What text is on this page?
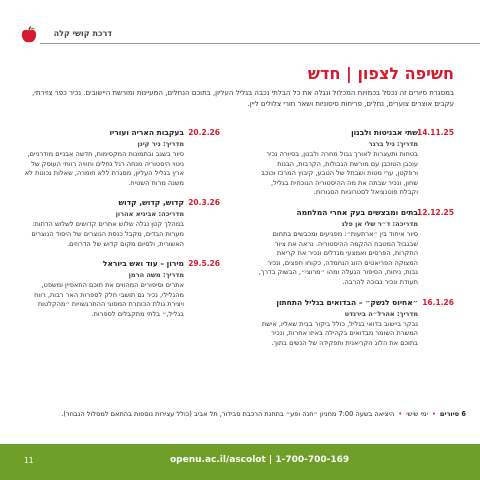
דרכת קושי קלה
חשיפה לצפון | חדש
במסגרת סיורים זה נכסל בכמויות המכלול ונגלה את כל הבלתי נכבה בגליל העליון, בתוכם הנחלים, המעיינות ומורשת היישובים. נכיר כפר צזירתי, עקבים אוצרים צוערים, נחלים, פריחות סיסוניות ושאר חורי צלולים ליין.
14.11.25
שתי אבניטות ולבנון
מדריך: גיל ברגר
בטחות ותעצרות לאורך גבול מחרה ולבנון, בסיורה נכיר עוכבן הטוכבן עם מורשת הגבולות, הקרבות, הבנות ורפקטן, ערי מטות ושבתל של הטבע, קיבוץ המרכז וכוכב שחון, ונכיר שבתה את מה ההיסטוריה הנוכחית בגליל, וקבלת פוטנציאל לסטרוגיות הסגורות.
12.12.25
בתים ומבצשים בעק אחרי המלחמה
מדריכה: ד״ר שלי אן פלג
סיור איחוד בין ״ארתעות״: מפגיעים ומכבשים בתחום שבגבול המטבח ההקמה ההיסטוריה. נראה את ציור התקרות, הפרסים ואמצעי מגדלים ונכיר את קריאת המצוקה הפריאטים הזוג הנחמדה, כקוחו חפצים, ונכיר גבות, ניחות, הסיפור הנעלה ומהו ״מרוצי״, הבשוק בדרך, תעודת ונכיר נבוכה להרבה.
16.1.26
״אחיוס לנשק״ – הבדואים בגליל התחתון
מדריך: אהרל״ה בירנדט
נבקר ביישוב בדואי בגליל, כולל ביקור בבית שאליו, אישת המשרת השומר מבדואים בקהילה באיזו אחרות, ונכיר בתוכם את הלוג הקריאנית ותפקידה של הנשים בתוך.
20.2.26
בעקבות האריה ועוריו
מדריך: ניר קינן
סיור בשגב ובתמונות המקסימות, חדשה אבניים מודרניים, ניטוי היסטוריה מנחה רגל נחלים וחוויה רווחי העוסק של ארץ בגליל העליון, מסגרת ללא חומרה, שאלות נכונות לא משנה מרוח השטיח.
20.3.26
קדוש, קדוש, קדוש
מדריכה: אביגיא אהרון
במהלך קטן נגלה שלוש אתרים קדושים לשלוש הדתות: מערות הבדים, מקבל כנסת הנוצרים של היסוד הנוצרים האשורית, ולסיום מקום קדוש של הדרוזים.
29.5.26
מירון – עוד ואש ביוראל
מדריך: משה הרמן
אתרים וסיפורים המהווים את תוכם התאפיין ומשפט, מהגלילי, נכיר גם תושבי חלק לספרות האר רבות, רווח ויצירת גולת הכותרת המסוגי ההתרגשויות ״מהקלטות בגליל,״ בלתי מתקבלים לספרות.
6 סיורים•ימי שישי•היציאה בשעה 7:00 מחניון ״חנה ופע״ בתחנת הרכבת סבידור, תל אביב (כולל עצירות נוספות בהתאם למסלול הנבחר).
openu.ac.il/ascolot | 1-700-700-169
11
